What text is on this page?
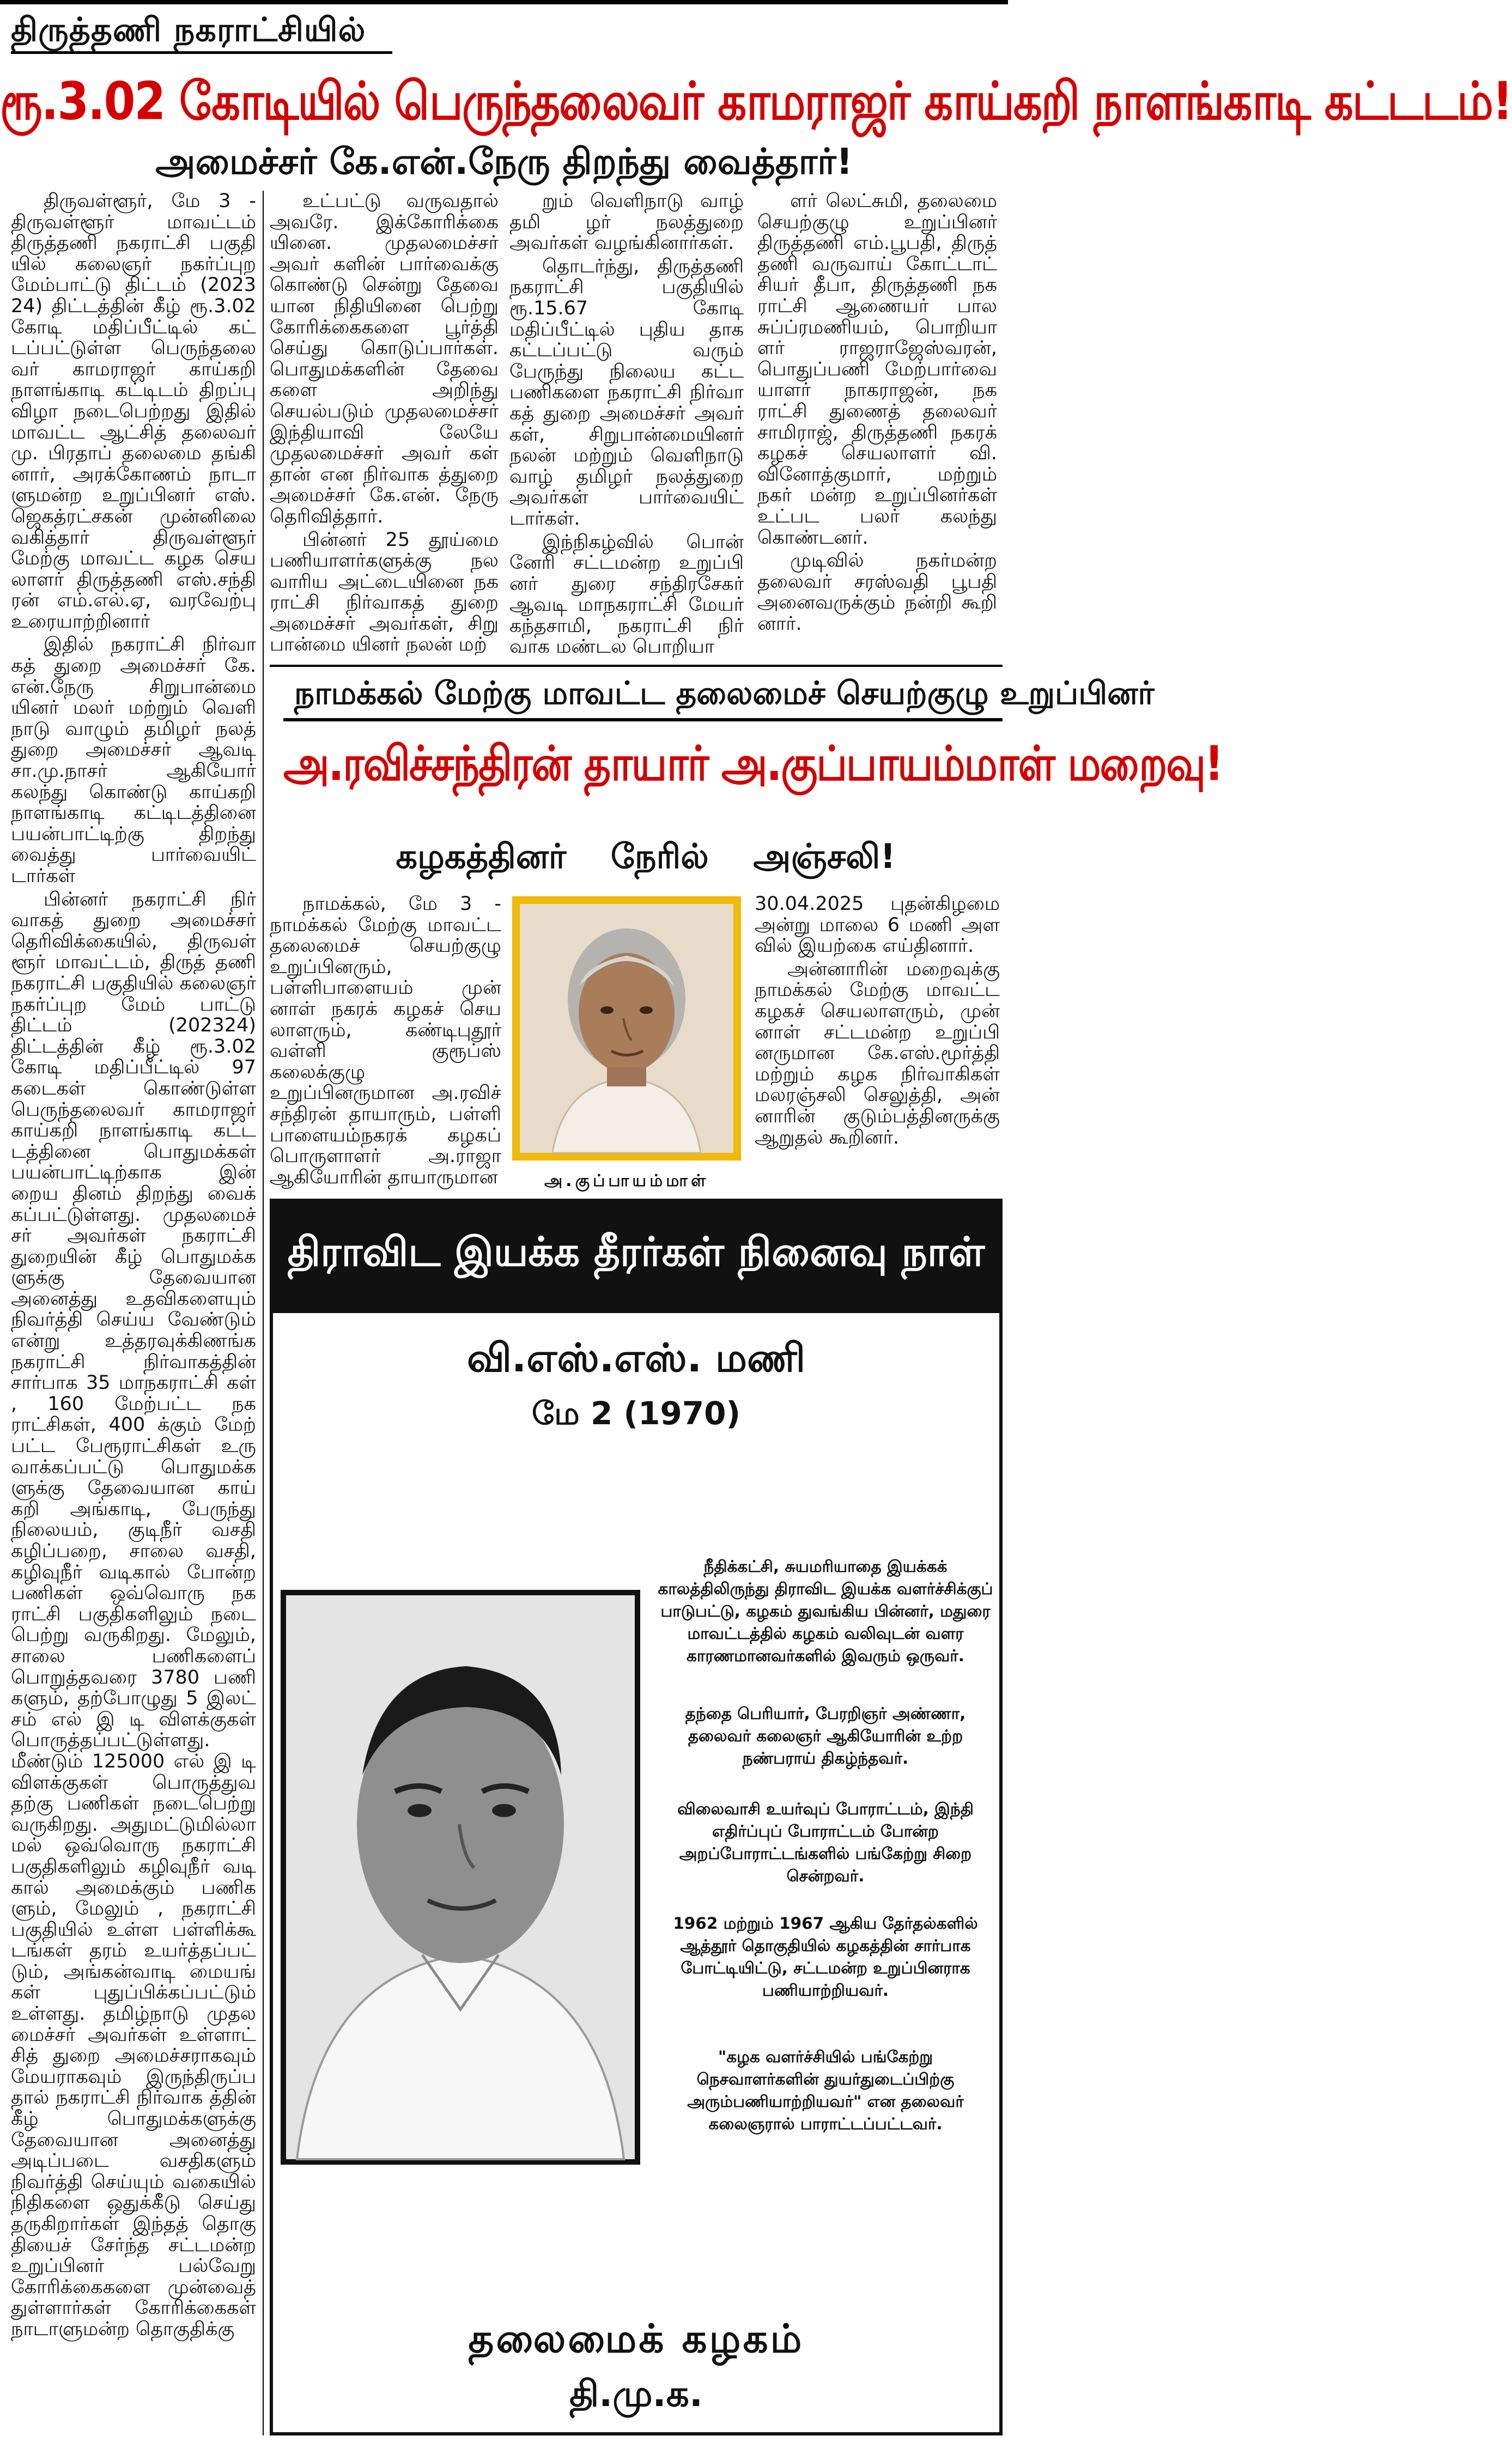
திருத்தணி நகராட்சியில்
ரூ.3.02 கோடியில் பெருந்தலைவர் காமராஜர் காய்கறி நாளங்காடி கட்டடம்!
அமைச்சர் கே.என்.நேரு திறந்து வைத்தார்!

திருவள்ளூர், மே 3 - திருவள்ளூர் மாவட்டம் திருத்தணி நகராட்சி பகுதி யில் கலைஞர் நகர்ப்புற மேம்பாட்டு திட்டம் (2023 24) திட்டத்தின் கீழ் ரூ.3.02 கோடி மதிப்பீட்டில் கட் டப்பட்டுள்ள பெருந்தலை வர் காமராஜர் காய்கறி நாளங்காடி கட்டிடம் திறப்பு விழா நடைபெற்றது இதில் மாவட்ட ஆட்சித் தலைவர் மு. பிரதாப் தலைமை தங்கி னார், அரக்கோணம் நாடா ளுமன்ற உறுப்பினர் எஸ். ஜெகத்ரட்சகன் முன்னிலை வகித்தார் திருவள்ளூர் மேற்கு மாவட்ட கழக செய லாளர் திருத்தணி எஸ்.சந்தி ரன் எம்.எல்.ஏ, வரவேற்பு உரையாற்றினார்

இதில் நகராட்சி நிர்வா கத் துறை அமைச்சர் கே. என்.நேரு சிறுபான்மை யினர் மலர் மற்றும் வெளி நாடு வாழும் தமிழர் நலத் துறை அமைச்சர் ஆவடி சா.மு.நாசர் ஆகியோர் கலந்து கொண்டு காய்கறி நாளங்காடி கட்டிடத்தினை பயன்பாட்டிற்கு திறந்து வைத்து பார்வையிட் டார்கள்

பின்னர் நகராட்சி நிர் வாகத் துறை அமைச்சர் தெரிவிக்கையில், திருவள் ளூர் மாவட்டம், திருத் தணி நகராட்சி பகுதியில் கலைஞர் நகர்ப்புற மேம் பாட்டு திட்டம் (202324) திட்டத்தின் கீழ் ரூ.3.02 கோடி மதிப்பீட்டில் 97 கடைகள் கொண்டுள்ள பெருந்தலைவர் காமராஜர் காய்கறி நாளங்காடி கட்ட டத்தினை பொதுமக்கள் பயன்பாட்டிற்காக இன் றைய தினம் திறந்து வைக் கப்பட்டுள்ளது. முதலமைச் சர் அவர்கள் நகராட்சி துறையின் கீழ் பொதுமக்க ளுக்கு தேவையான அனைத்து உதவிகளையும் நிவர்த்தி செய்ய வேண்டும் என்று உத்தரவுக்கிணங்க நகராட்சி நிர்வாகத்தின் சார்பாக 35 மாநகராட்சி கள் , 160 மேற்பட்ட நக ராட்சிகள், 400 க்கும் மேற் பட்ட பேரூராட்சிகள் உரு வாக்கப்பட்டு பொதுமக்க ளுக்கு தேவையான காய் கறி அங்காடி, பேருந்து நிலையம், குடிநீர் வசதி கழிப்பறை, சாலை வசதி, கழிவுநீர் வடிகால் போன்ற பணிகள் ஒவ்வொரு நக ராட்சி பகுதிகளிலும் நடை பெற்று வருகிறது. மேலும், சாலை பணிகளைப் பொறுத்தவரை 3780 பணி களும், தற்போழுது 5 இலட் சம் எல் இ டி விளக்குகள் பொருத்தப்பட்டுள்ளது. மீண்டும் 125000 எல் இ டி விளக்குகள் பொருத்துவ தற்கு பணிகள் நடைபெற்று வருகிறது. அதுமட்டுமில்லா மல் ஒவ்வொரு நகராட்சி பகுதிகளிலும் கழிவுநீர் வடி கால் அமைக்கும் பணிக ளும், மேலும் , நகராட்சி பகுதியில் உள்ள பள்ளிக்கூ டங்கள் தரம் உயர்த்தப்பட் டும், அங்கன்வாடி மையங் கள் புதுப்பிக்கப்பட்டும் உள்ளது. தமிழ்நாடு முதல மைச்சர் அவர்கள் உள்ளாட் சித் துறை அமைச்சராகவும் மேயராகவும் இருந்திருப்ப தால் நகராட்சி நிர்வாக த்தின் கீழ் பொதுமக்களுக்கு தேவையான அனைத்து அடிப்படை வசதிகளும் நிவர்த்தி செய்யும் வகையில் நிதிகளை ஒதுக்கீடு செய்து தருகிறார்கள் இந்தத் தொகு தியைச் சேர்ந்த சட்டமன்ற உறுப்பினர் பல்வேறு கோரிக்கைகளை முன்வைத் துள்ளார்கள் கோரிக்கைகள் நாடாளுமன்ற தொகுதிக்கு

உட்பட்டு வருவதால் அவரே. இக்கோரிக்கை யினை. முதலமைச்சர் அவர் களின் பார்வைக்கு கொண்டு சென்று தேவை யான நிதியினை பெற்று கோரிக்கைகளை பூர்த்தி செய்து கொடுப்பார்கள். பொதுமக்களின் தேவை களை அறிந்து செயல்படும் முதலமைச்சர் இந்தியாவி லேயே முதலமைச்சர் அவர் கள் தான் என நிர்வாக த்துறை அமைச்சர் கே.என். நேரு தெரிவித்தார்.

பின்னர் 25 தூய்மை பணியாளர்களுக்கு நல வாரிய அட்டையினை நக ராட்சி நிர்வாகத் துறை அமைச்சர் அவர்கள், சிறு பான்மை யினர் நலன் மற்

றும் வெளிநாடு வாழ் தமி ழர் நலத்துறை அவர்கள் வழங்கினார்கள்.

தொடர்ந்து, திருத்தணி நகராட்சி பகுதியில் ரூ.15.67 கோடி மதிப்பீட்டில் புதிய தாக கட்டப்பட்டு வரும் பேருந்து நிலைய கட்ட பணிகளை நகராட்சி நிர்வா கத் துறை அமைச்சர் அவர் கள், சிறுபான்மையினர் நலன் மற்றும் வெளிநாடு வாழ் தமிழர் நலத்துறை அவர்கள் பார்வையிட் டார்கள்.

இந்நிகழ்வில் பொன் னேரி சட்டமன்ற உறுப்பி னர் துரை சந்திரசேகர் ஆவடி மாநகராட்சி மேயர் கந்தசாமி, நகராட்சி நிர் வாக மண்டல பொறியா

ளர் லெட்சுமி, தலைமை செயற்குழு உறுப்பினர் திருத்தணி எம்.பூபதி, திருத் தணி வருவாய் கோட்டாட் சியர் தீபா, திருத்தணி நக ராட்சி ஆணையர் பால சுப்ப்ரமணியம், பொறியா ளர் ராஜராஜேஸ்வரன், பொதுப்பணி மேற்பார்வை யாளர் நாகராஜன், நக ராட்சி துணைத் தலைவர் சாமிராஜ், திருத்தணி நகரக் கழகச் செயலாளர் வி. வினோத்குமார், மற்றும் நகர் மன்ற உறுப்பினர்கள் உட்பட பலர் கலந்து கொண்டனர்.

முடிவில் நகர்மன்ற தலைவர் சரஸ்வதி பூபதி அனைவருக்கும் நன்றி கூறி னார்.

நாமக்கல் மேற்கு மாவட்ட தலைமைச் செயற்குழு உறுப்பினர்
அ.ரவிச்சந்திரன் தாயார் அ.குப்பாயம்மாள் மறைவு!
கழகத்தினர் நேரில் அஞ்சலி!

நாமக்கல், மே 3 - நாமக்கல் மேற்கு மாவட்ட தலைமைச் செயற்குழு உறுப்பினரும், பள்ளிபாளையம் முன் னாள் நகரக் கழகச் செய லாளரும், கண்டிபுதூர் வள்ளி குரூப்ஸ் கலைக்குழு உறுப்பினருமான அ.ரவிச் சந்திரன் தாயாரும், பள்ளி பாளையம்நகரக் கழகப் பொருளாளர் அ.ராஜா ஆகியோரின் தாயாருமான	அ.குப்பாயம்மாள்

30.04.2025 புதன்கிழமை அன்று மாலை 6 மணி அள வில் இயற்கை எய்தினார்.

அன்னாரின் மறைவுக்கு நாமக்கல் மேற்கு மாவட்ட கழகச் செயலாளரும், முன் னாள் சட்டமன்ற உறுப்பி னருமான கே.எஸ்.மூர்த்தி மற்றும் கழக நிர்வாகிகள் மலரஞ்சலி செலுத்தி, அன் னாரின் குடும்பத்தினருக்கு ஆறுதல் கூறினர்.

திராவிட இயக்க தீரர்கள் நினைவு நாள்
வி.எஸ்.எஸ். மணி
மே 2 (1970)
நீதிக்கட்சி, சுயமரியாதை இயக்கக் காலத்திலிருந்து திராவிட இயக்க வளர்ச்சிக்குப் பாடுபட்டு, கழகம் துவங்கிய பின்னர், மதுரை மாவட்டத்தில் கழகம் வலிவுடன் வளர காரணமானவர்களில் இவரும் ஒருவர்.
தந்தை பெரியார், பேரறிஞர் அண்ணா, தலைவர் கலைஞர் ஆகியோரின் உற்ற நண்பராய் திகழ்ந்தவர்.
விலைவாசி உயர்வுப் போராட்டம், இந்தி எதிர்ப்புப் போராட்டம் போன்ற அறப்போராட்டங்களில் பங்கேற்று சிறை சென்றவர்.
1962 மற்றும் 1967 ஆகிய தேர்தல்களில் ஆத்தூர் தொகுதியில் கழகத்தின் சார்பாக போட்டியிட்டு, சட்டமன்ற உறுப்பினராக பணியாற்றியவர்.
"கழக வளர்ச்சியில் பங்கேற்று நெசவாளர்களின் துயர்துடைப்பிற்கு அரும்பணியாற்றியவர்" என தலைவர் கலைஞரால் பாராட்டப்பட்டவர்.
தலைமைக் கழகம்
தி.மு.க.
